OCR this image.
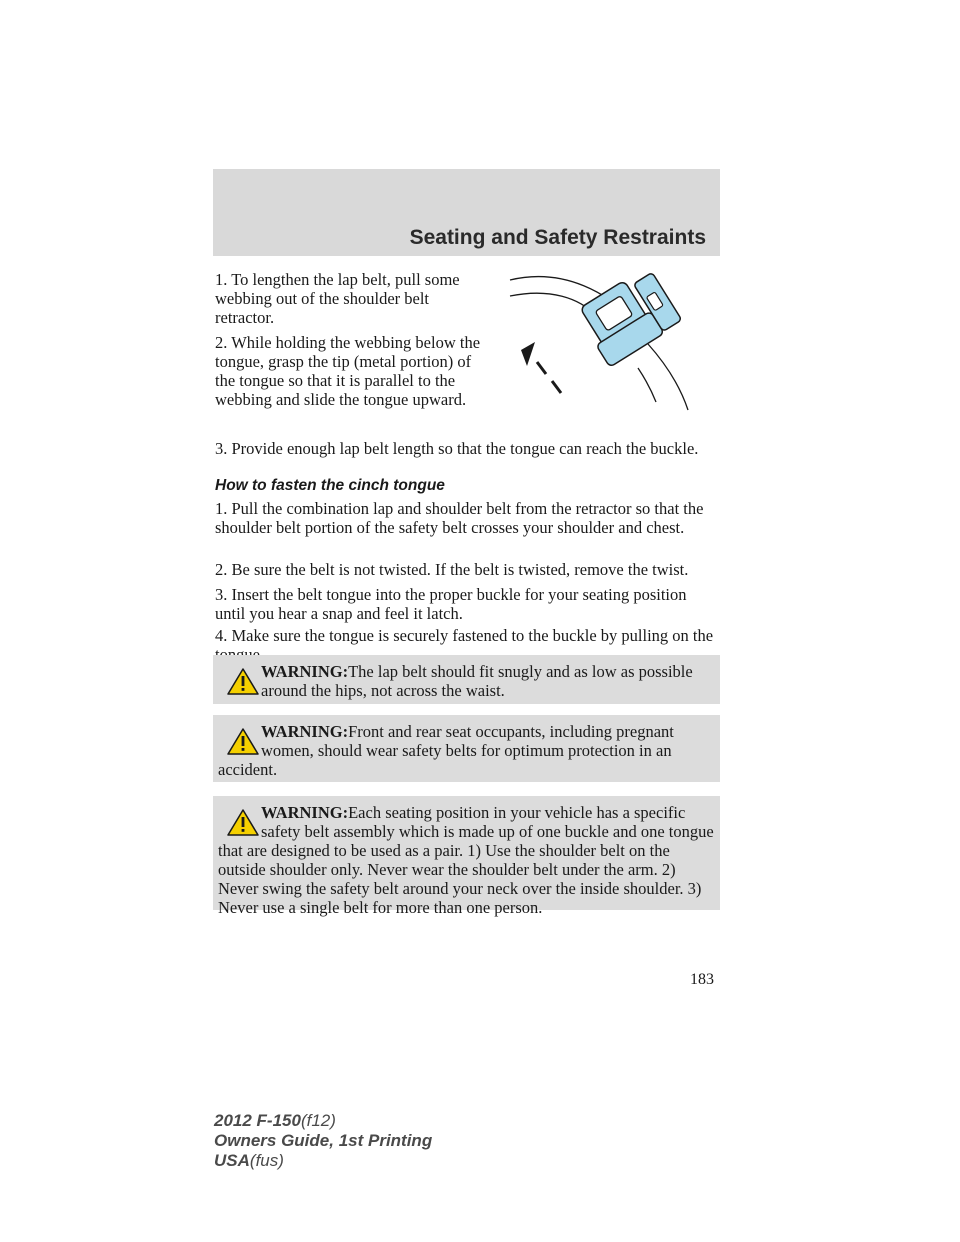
Seating and Safety Restraints

1. To lengthen the lap belt, pull some webbing out of the shoulder belt retractor.

2. While holding the webbing below the tongue, grasp the tip (metal portion) of the tongue so that it is parallel to the webbing and slide the tongue upward.

3. Provide enough lap belt length so that the tongue can reach the buckle.

How to fasten the cinch tongue

1. Pull the combination lap and shoulder belt from the retractor so that the shoulder belt portion of the safety belt crosses your shoulder and chest.

2. Be sure the belt is not twisted. If the belt is twisted, remove the twist.

3. Insert the belt tongue into the proper buckle for your seating position until you hear a snap and feel it latch.

4. Make sure the tongue is securely fastened to the buckle by pulling on the

WARNING:The lap belt should fit snugly and as low as possible around the hips, not across the waist.

WARNING:Front and rear seat occupants, including pregnant women, should wear safety belts for optimum protection in an accident.

WARNING:Each seating position in your vehicle has a specific safety belt assembly which is made up of one buckle and one tongue that are designed to be used as a pair. 1) Use the shoulder belt on the outside shoulder only. Never wear the shoulder belt under the arm. 2) Never swing the safety belt around your neck over the inside shoulder. 3) Never use a single belt for more than one person.

183
2012 F-150(f12)
Owners Guide, 1st Printing
USA(fus)
